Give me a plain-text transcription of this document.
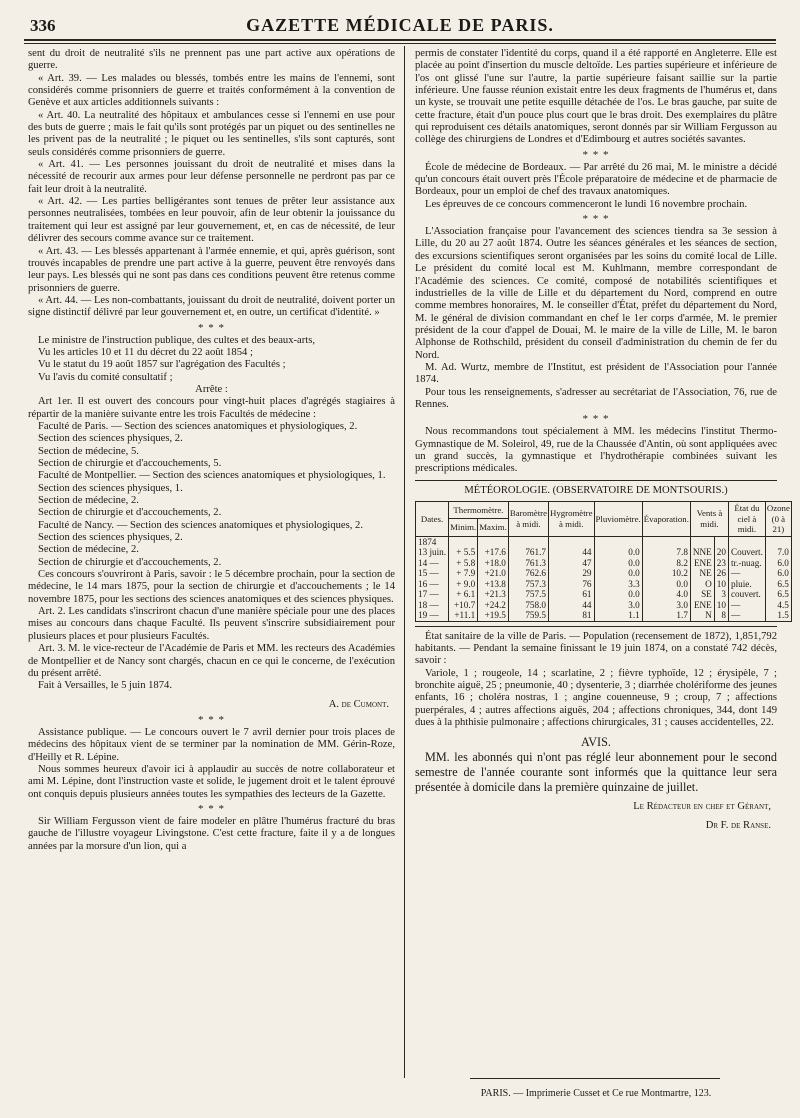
336	GAZETTE MÉDICALE DE PARIS.

sent du droit de neutralité s'ils ne prennent pas une part active aux opérations de guerre.

« Art. 39. — Les malades ou blessés, tombés entre les mains de l'ennemi, sont considérés comme prisonniers de guerre et traités conformément à la convention de Genève et aux articles additionnels suivants :

« Art. 40. La neutralité des hôpitaux et ambulances cesse si l'ennemi en use pour des buts de guerre ; mais le fait qu'ils sont protégés par un piquet ou des sentinelles ne les privent pas de la neutralité ; le piquet ou les sentinelles, s'ils sont capturés, sont seuls considérés comme prisonniers de guerre.

« Art. 41. — Les personnes jouissant du droit de neutralité et mises dans la nécessité de recourir aux armes pour leur défense personnelle ne perdront pas par ce fait leur droit à la neutralité.

« Art. 42. — Les parties belligérantes sont tenues de prêter leur assistance aux personnes neutralisées, tombées en leur pouvoir, afin de leur obtenir la jouissance du traitement qui leur est assigné par leur gouvernement, et, en cas de nécessité, de leur délivrer des secours comme avance sur ce traitement.

« Art. 43. — Les blessés appartenant à l'armée ennemie, et qui, après guérison, sont trouvés incapables de prendre une part active à la guerre, peuvent être renvoyés dans leur pays. Les blessés qui ne sont pas dans ces conditions peuvent être retenus comme prisonniers de guerre.

« Art. 44. — Les non-combattants, jouissant du droit de neutralité, doivent porter un signe distinctif délivré par leur gouvernement et, en outre, un certificat d'identité. »

* * *

Le ministre de l'instruction publique, des cultes et des beaux-arts,

Vu les articles 10 et 11 du décret du 22 août 1854 ;

Vu le statut du 19 août 1857 sur l'agrégation des Facultés ;

Vu l'avis du comité consultatif ;

Arrête :

Art 1er. Il est ouvert des concours pour vingt-huit places d'agrégés stagiaires à répartir de la manière suivante entre les trois Facultés de médecine :

Faculté de Paris. — Section des sciences anatomiques et physiologiques, 2.

Section des sciences physiques, 2.

Section de médecine, 5.

Section de chirurgie et d'accouchements, 5.

Faculté de Montpellier. — Section des sciences anatomiques et physiologiques, 1.

Section des sciences physiques, 1.

Section de médecine, 2.

Section de chirurgie et d'accouchements, 2.

Faculté de Nancy. — Section des sciences anatomiques et physiologiques, 2.

Section des sciences physiques, 2.

Section de médecine, 2.

Section de chirurgie et d'accouchements, 2.

Ces concours s'ouvriront à Paris, savoir : le 5 décembre prochain, pour la section de médecine, le 14 mars 1875, pour la section de chirurgie et d'accouchements ; le 14 novembre 1875, pour les sections des sciences anatomiques et des sciences physiques.

Art. 2. Les candidats s'inscriront chacun d'une manière spéciale pour une des places mises au concours dans chaque Faculté. Ils peuvent s'inscrire subsidiairement pour plusieurs places et pour plusieurs Facultés.

Art. 3. M. le vice-recteur de l'Académie de Paris et MM. les recteurs des Académies de Montpellier et de Nancy sont chargés, chacun en ce qui le concerne, de l'exécution du présent arrêté.

Fait à Versailles, le 5 juin 1874.

A. de Cumont.
* * *

Assistance publique. — Le concours ouvert le 7 avril dernier pour trois places de médecins des hôpitaux vient de se terminer par la nomination de MM. Gérin-Roze, d'Heilly et R. Lépine.

Nous sommes heureux d'avoir ici à applaudir au succès de notre collaborateur et ami M. Lépine, dont l'instruction vaste et solide, le jugement droit et le talent éprouvé ont conquis depuis plusieurs années toutes les sympathies des lecteurs de la Gazette.

* * *

Sir William Fergusson vient de faire modeler en plâtre l'humérus fracturé du bras gauche de l'illustre voyageur Livingstone. C'est cette fracture, faite il y a de longues années par la morsure d'un lion, qui a

permis de constater l'identité du corps, quand il a été rapporté en Angleterre. Elle est placée au point d'insertion du muscle deltoïde. Les parties supérieure et inférieure de l'os ont glissé l'une sur l'autre, la partie supérieure faisant saillie sur la partie inférieure. Une fausse réunion existait entre les deux fragments de l'humérus et, dans un kyste, se trouvait une petite esquille détachée de l'os. Le bras gauche, par suite de cette fracture, était d'un pouce plus court que le bras droit. Des exemplaires du plâtre qui reproduisent ces détails anatomiques, seront donnés par sir William Fergusson au collège des chirurgiens de Londres et d'Edimbourg et autres sociétés savantes.

* * *

École de médecine de Bordeaux. — Par arrêté du 26 mai, M. le ministre a décidé qu'un concours était ouvert près l'École préparatoire de médecine et de pharmacie de Bordeaux, pour un emploi de chef des travaux anatomiques.

Les épreuves de ce concours commenceront le lundi 16 novembre prochain.

* * *

L'Association française pour l'avancement des sciences tiendra sa 3e session à Lille, du 20 au 27 août 1874. Outre les séances générales et les séances de section, des excursions scientifiques seront organisées par les soins du comité local de Lille. Le président du comité local est M. Kuhlmann, membre correspondant de l'Académie des sciences. Ce comité, composé de notabilités scientifiques et industrielles de la ville de Lille et du département du Nord, comprend en outre comme membres honoraires, M. le conseiller d'État, préfet du département du Nord, M. le général de division commandant en chef le 1er corps d'armée, M. le premier président de la cour d'appel de Douai, M. le maire de la ville de Lille, M. le baron Alphonse de Rothschild, président du conseil d'administration du chemin de fer du Nord.

M. Ad. Wurtz, membre de l'Institut, est président de l'Association pour l'année 1874.

Pour tous les renseignements, s'adresser au secrétariat de l'Association, 76, rue de Rennes.

* * *

Nous recommandons tout spécialement à MM. les médecins l'institut Thermo-Gymnastique de M. Soleirol, 49, rue de la Chaussée d'Antin, où sont appliquées avec un grand succès, la gymnastique et l'hydrothérapie combinées suivant les prescriptions médicales.

MÉTÉOROLOGIE. (OBSERVATOIRE DE MONTSOURIS.)

Dates.	Thermomètre.		Baromètre à midi.	Hygromètre à midi.	Pluviomètre.	Évaporation.	Vents à midi.		État du ciel à midi.	Ozone (0 à 21)
	Minim.	Maxim.								
1874										
13 juin.	+ 5.5	+17.6	761.7	44	0.0	7.8	NNE	20	Couvert.	7.0
14 —	+ 5.8	+18.0	761.3	47	0.0	8.2	ENE	23	tr.-nuag.	6.0
15 —	+ 7.9	+21.0	762.6	29	0.0	10.2	NE	26	—	6.0
16 —	+ 9.0	+13.8	757.3	76	3.3	0.0	O	10	pluie.	6.5
17 —	+ 6.1	+21.3	757.5	61	0.0	4.0	SE	3	couvert.	6.5
18 —	+10.7	+24.2	758.0	44	3.0	3.0	ENE	10	—	4.5
19 —	+11.1	+19.5	759.5	81	1.1	1.7	N	8	—	1.5

État sanitaire de la ville de Paris. — Population (recensement de 1872), 1,851,792 habitants. — Pendant la semaine finissant le 19 juin 1874, on a constaté 742 décès, savoir :

Variole, 1 ; rougeole, 14 ; scarlatine, 2 ; fièvre typhoïde, 12 ; érysipèle, 7 ; bronchite aiguë, 25 ; pneumonie, 40 ; dysenterie, 3 ; diarrhée cholériforme des jeunes enfants, 16 ; choléra nostras, 1 ; angine couenneuse, 9 ; croup, 7 ; affections puerpérales, 4 ; autres affections aiguës, 204 ; affections chroniques, 344, dont 149 dues à la phthisie pulmonaire ; affections chirurgicales, 31 ; causes accidentelles, 22.

AVIS.

MM. les abonnés qui n'ont pas réglé leur abonnement pour le second semestre de l'année courante sont informés que la quittance leur sera présentée à domicile dans la première quinzaine de juillet.

Le Rédacteur en chef et Gérant,
Dr F. de Ranse.
PARIS. — Imprimerie Cusset et Ce rue Montmartre, 123.
